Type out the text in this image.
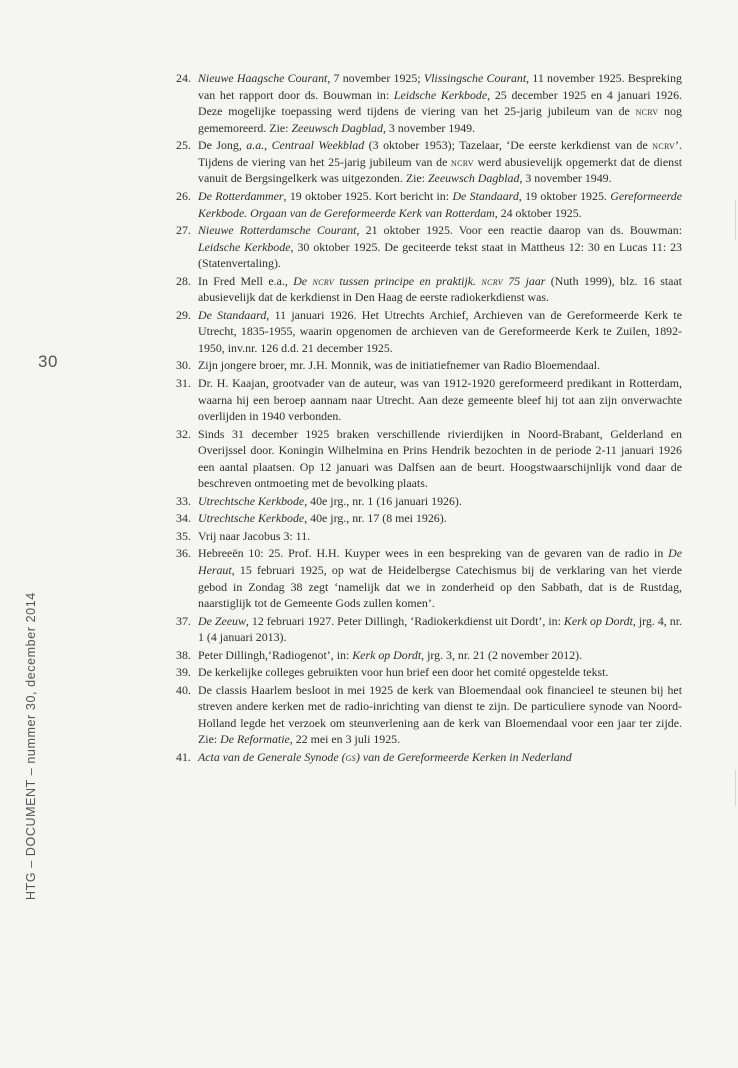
30
HTG – DOCUMENT – nummer 30, december 2014
24. Nieuwe Haagsche Courant, 7 november 1925; Vlissingsche Courant, 11 november 1925. Bespreking van het rapport door ds. Bouwman in: Leidsche Kerkbode, 25 december 1925 en 4 januari 1926. Deze mogelijke toepassing werd tijdens de viering van het 25-jarig jubileum van de ncrv nog gememoreerd. Zie: Zeeuwsch Dagblad, 3 november 1949.
25. De Jong, a.a., Centraal Weekblad (3 oktober 1953); Tazelaar, ‘De eerste kerkdienst van de ncrv’. Tijdens de viering van het 25-jarig jubileum van de ncrv werd abusievelijk opgemerkt dat de dienst vanuit de Bergsingelkerk was uitgezonden. Zie: Zeeuwsch Dagblad, 3 november 1949.
26. De Rotterdammer, 19 oktober 1925. Kort bericht in: De Standaard, 19 oktober 1925. Gereformeerde Kerkbode. Orgaan van de Gereformeerde Kerk van Rotterdam, 24 oktober 1925.
27. Nieuwe Rotterdamsche Courant, 21 oktober 1925. Voor een reactie daarop van ds. Bouwman: Leidsche Kerkbode, 30 oktober 1925. De geciteerde tekst staat in Mattheus 12: 30 en Lucas 11: 23 (Statenvertaling).
28. In Fred Mell e.a., De ncrv tussen principe en praktijk. ncrv 75 jaar (Nuth 1999), blz. 16 staat abusievelijk dat de kerkdienst in Den Haag de eerste radiokerkdienst was.
29. De Standaard, 11 januari 1926. Het Utrechts Archief, Archieven van de Gereformeerde Kerk te Utrecht, 1835-1955, waarin opgenomen de archieven van de Gereformeerde Kerk te Zuilen, 1892-1950, inv.nr. 126 d.d. 21 december 1925.
30. Zijn jongere broer, mr. J.H. Monnik, was de initiatiefnemer van Radio Bloemendaal.
31. Dr. H. Kaajan, grootvader van de auteur, was van 1912-1920 gereformeerd predikant in Rotterdam, waarna hij een beroep aannam naar Utrecht. Aan deze gemeente bleef hij tot aan zijn onverwachte overlijden in 1940 verbonden.
32. Sinds 31 december 1925 braken verschillende rivierdijken in Noord-Brabant, Gelderland en Overijssel door. Koningin Wilhelmina en Prins Hendrik bezochten in de periode 2-11 januari 1926 een aantal plaatsen. Op 12 januari was Dalfsen aan de beurt. Hoogstwaarschijnlijk vond daar de beschreven ontmoeting met de bevolking plaats.
33. Utrechtsche Kerkbode, 40e jrg., nr. 1 (16 januari 1926).
34. Utrechtsche Kerkbode, 40e jrg., nr. 17 (8 mei 1926).
35. Vrij naar Jacobus 3: 11.
36. Hebreeën 10: 25. Prof. H.H. Kuyper wees in een bespreking van de gevaren van de radio in De Heraut, 15 februari 1925, op wat de Heidelbergse Catechismus bij de verklaring van het vierde gebod in Zondag 38 zegt ‘namelijk dat we in zonderheid op den Sabbath, dat is de Rustdag, naarstiglijk tot de Gemeente Gods zullen komen’.
37. De Zeeuw, 12 februari 1927. Peter Dillingh, ‘Radiokerkdienst uit Dordt’, in: Kerk op Dordt, jrg. 4, nr. 1 (4 januari 2013).
38. Peter Dillingh,‘Radiogenot’, in: Kerk op Dordt, jrg. 3, nr. 21 (2 november 2012).
39. De kerkelijke colleges gebruikten voor hun brief een door het comité opgestelde tekst.
40. De classis Haarlem besloot in mei 1925 de kerk van Bloemendaal ook financieel te steunen bij het streven andere kerken met de radio-inrichting van dienst te zijn. De particuliere synode van Noord-Holland legde het verzoek om steunverlening aan de kerk van Bloemendaal voor een jaar ter zijde. Zie: De Reformatie, 22 mei en 3 juli 1925.
41. Acta van de Generale Synode (gs) van de Gereformeerde Kerken in Nederland
